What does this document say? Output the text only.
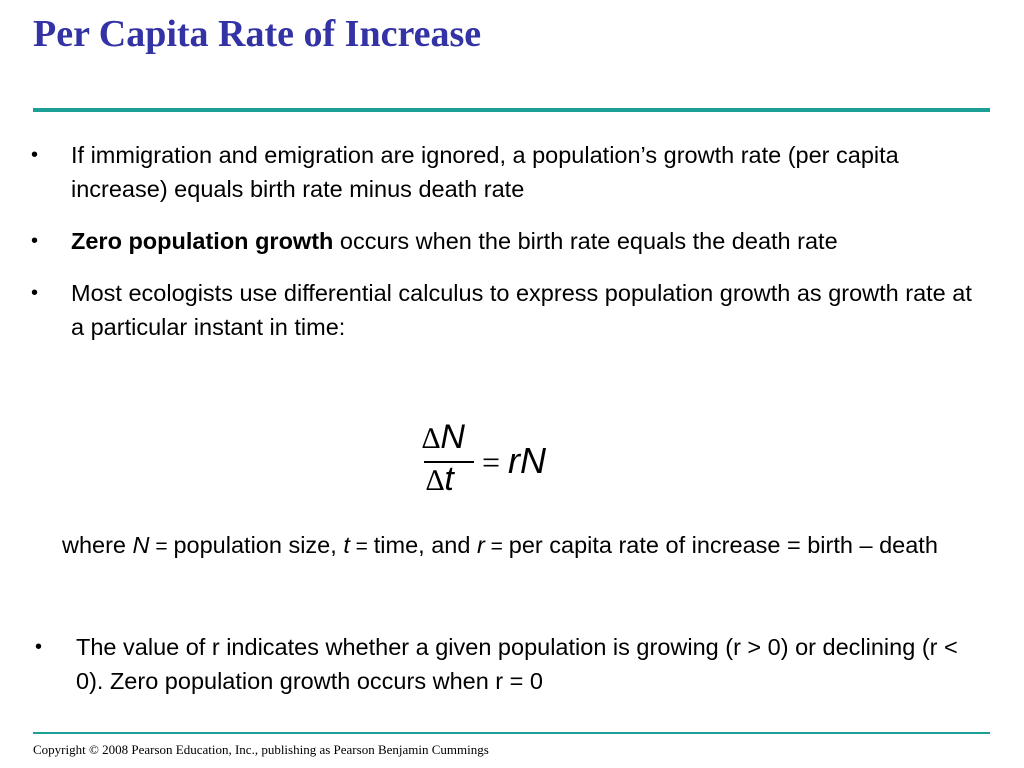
Per Capita Rate of Increase
• If immigration and emigration are ignored, a population’s growth rate (per capita increase) equals birth rate minus death rate
• Zero population growth occurs when the birth rate equals the death rate
• Most ecologists use differential calculus to express population growth as growth rate at a particular instant in time:
∆N
∆t = rN

where N = population size, t = time, and r = per capita rate of increase = birth – death

• The value of r indicates whether a given population is growing (r > 0) or declining (r < 0). Zero population growth occurs when r = 0

Copyright © 2008 Pearson Education, Inc., publishing as Pearson Benjamin Cummings
